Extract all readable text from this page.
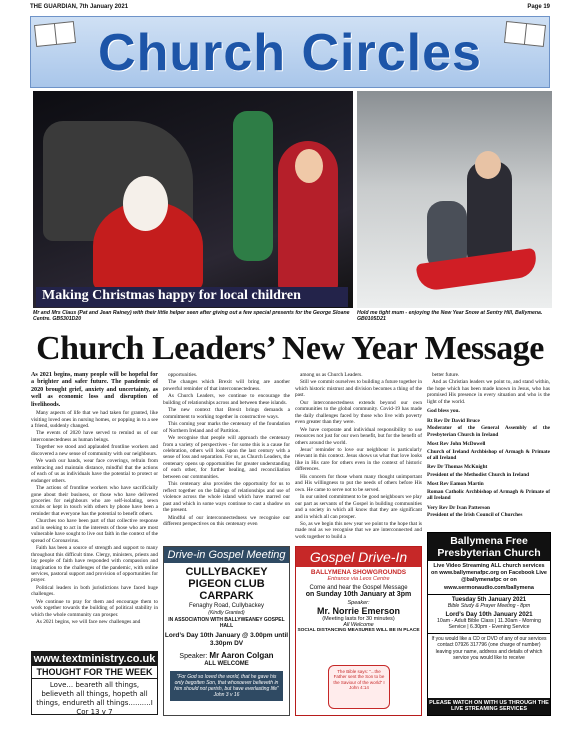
THE GUARDIAN, 7th January 2021	Page 19
Church Circles
Making Christmas happy for local children
Mr and Mrs Claus (Pat and Jean Rainey) with their little helper seen after giving out a few special presents for the George Sloane Centre. GB5301D20
Hold me tight mum - enjoying the New Year Snow at Sentry Hill, Ballymena. GB0105D21
Church Leaders’ New Year Message

As 2021 begins, many people will be hopeful for a brighter and safer future. The pandemic of 2020 brought grief, anxiety and uncertainty, as well as economic loss and disruption of livelihoods.

Many aspects of life that we had taken for granted, like visiting loved ones in nursing homes, or popping in to a see a friend, suddenly changed.

The events of 2020 have served to remind us of our interconnectedness as human beings.

Together we stood and applauded frontline workers and discovered a new sense of community with our neighbours.

We wash our hands, wear face coverings, refrain from embracing and maintain distance, mindful that the actions of each of us as individuals have the potential to protect or endanger others.

The actions of frontline workers who have sacrificially gone about their business, or those who have delivered groceries for neighbours who are self-isolating, sewn scrubs or kept in touch with others by phone have been a reminder that everyone has the potential to benefit others.

Churches too have been part of that collective response and in seeking to act in the interests of those who are most vulnerable have sought to live out faith in the context of the spread of Coronavirus.

Faith has been a source of strength and support to many throughout this difficult time. Clergy, ministers, priests and lay people of faith have responded with compassion and imagination to the challenges of the pandemic, with online services, pastoral support and provision of opportunities for prayer.

Political leaders in both jurisdictions have faced huge challenges.

We continue to pray for them and encourage them to work together towards the building of political stability in which the whole community can prosper.

As 2021 begins, we will face new challenges and

opportunities.

The changes which Brexit will bring are another powerful reminder of that interconnectedness.

As Church Leaders, we continue to encourage the building of relationships across and between these islands.

The new context that Brexit brings demands a commitment to working together in constructive ways.

This coming year marks the centenary of the foundation of Northern Ireland and of Partition.

We recognise that people will approach the centenary from a variety of perspectives - for some this is a cause for celebration, others will look upon the last century with a sense of loss and separation. For us, as Church Leaders, the centenary opens up opportunities for greater understanding of each other, for further healing, and reconciliation between our communities.

This centenary also provides the opportunity for us to reflect together on the failings of relationships and use of violence across the whole island which have marred our past and which in some ways continue to cast a shadow on the present.

Mindful of our interconnectedness we recognise our different perspectives on this centenary even

among us as Church Leaders.

Still we commit ourselves to building a future together in which historic mistrust and division becomes a thing of the past.

Our interconnectedness extends beyond our own communities to the global community. Covid-19 has made the daily challenges faced by those who live with poverty even greater than they were.

We have corporate and individual responsibility to use resources not just for our own benefit, but for the benefit of others around the world.

Jesus’ reminder to love our neighbour is particularly relevant in this context. Jesus shows us what that love looks like in His care for others even in the context of historic differences.

His concern for those whom many thought unimportant and His willingness to put the needs of others before His own. He came to serve not to be served.

In our united commitment to be good neighbours we play our part as servants of the Gospel in building communities and a society in which all know that they are significant and in which all can prosper.

So, as we begin this new year we point to the hope that is made real as we recognise that we are interconnected and work together to build a

better future.

And as Christian leaders we point to, and stand within, the hope which has been made known in Jesus, who has promised His presence in every situation and who is the light of the world.

God bless you.

Rt Rev Dr David Bruce

Moderator of the General Assembly of the Presbyterian Church in Ireland

Most Rev John McDowell

Church of Ireland Archbishop of Armagh & Primate of all Ireland

Rev Dr Thomas McKnight

President of the Methodist Church in Ireland

Most Rev Eamon Martin

Roman Catholic Archbishop of Armagh & Primate of all Ireland

Very Rev Dr Ivan Patterson

President of the Irish Council of Churches

www.textministry.co.uk
THOUGHT FOR THE WEEK
Love... beareth all things, believeth all things, hopeth all things, endureth all things..........I Cor 13 v 7
Drive-in Gospel Meeting
CULLYBACKEY PIGEON CLUB CARPARK
Fenaghy Road, Cullybackey
(Kindly Granted)
IN ASSOCIATION WITH BALLYWEANEY GOSPEL HALL
Lord’s Day 10th January @ 3.00pm until 3.30pm DV
Speaker: Mr Aaron Colgan
ALL WELCOME
"For God so loved the world, that he gave his only begotten Son, that whosoever believeth in him should not perish, but have everlasting life" John 3 v 16
Gospel Drive-In
BALLYMENA SHOWGROUNDS
Entrance via Leos Centre
Come and hear the Gospel Message
on Sunday 10th January at 3pm
Speaker:
Mr. Norrie Emerson
(Meeting lasts for 30 minutes)
All Welcome
SOCIAL DISTANCING MEASURES WILL BE IN PLACE
The Bible says: "...the Father sent the Son to be the Saviour of the world" I John 4:14
Ballymena Free Presbyterian Church
Live Video Streaming ALL church services on www.ballymenafpc.org on Facebook Live @ballymenafpc or on www.sermonaudio.com/ballymena
Tuesday 5th January 2021
Bible Study & Prayer Meeting - 8pm
Lord’s Day 10th January 2021
10am - Adult Bible Class | 11.30am - Morning Service | 6.30pm - Evening Service
If you would like a CD or DVD of any of our services contact 07926 317796 (one charge of number) leaving your name, address and details of which service you would like to receive
PLEASE WATCH ON WITH US THROUGH THE LIVE STREAMING SERVICES
